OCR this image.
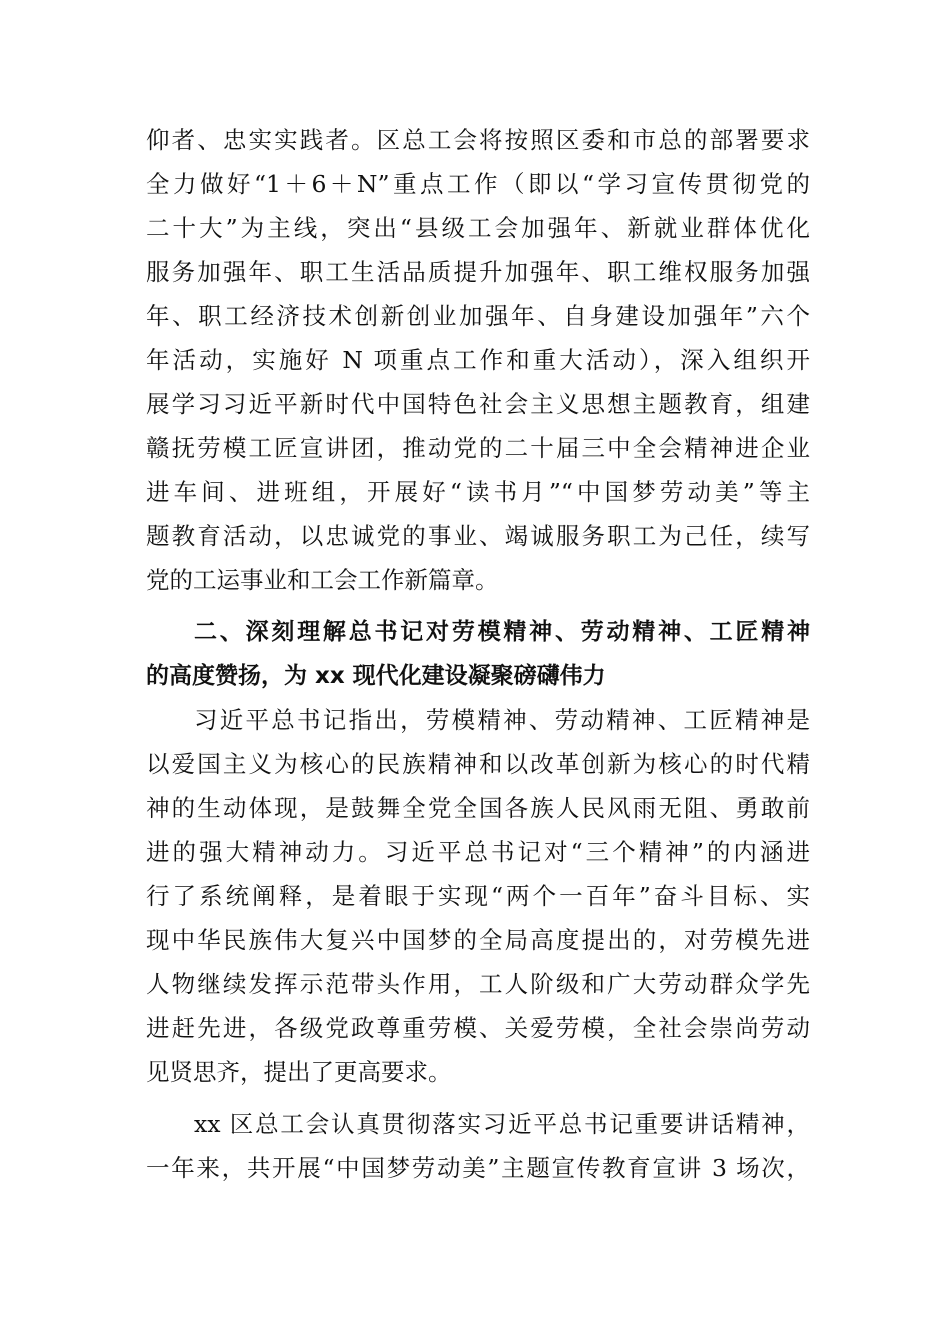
仰者、忠实实践者。区总工会将按照区委和市总的部署要求
全力做好“1＋6＋N”重点工作（即以“学习宣传贯彻党的
二十大”为主线，突出“县级工会加强年、新就业群体优化
服务加强年、职工生活品质提升加强年、职工维权服务加强
年、职工经济技术创新创业加强年、自身建设加强年”六个
年活动，实施好 N 项重点工作和重大活动），深入组织开
展学习习近平新时代中国特色社会主义思想主题教育，组建
赣抚劳模工匠宣讲团，推动党的二十届三中全会精神进企业
进车间、进班组，开展好“读书月”“中国梦劳动美”等主
题教育活动，以忠诚党的事业、竭诚服务职工为己任，续写
党的工运事业和工会工作新篇章。
二、深刻理解总书记对劳模精神、劳动精神、工匠精神
的高度赞扬，为 xx 现代化建设凝聚磅礴伟力
习近平总书记指出，劳模精神、劳动精神、工匠精神是
以爱国主义为核心的民族精神和以改革创新为核心的时代精
神的生动体现，是鼓舞全党全国各族人民风雨无阻、勇敢前
进的强大精神动力。习近平总书记对“三个精神”的内涵进
行了系统阐释，是着眼于实现“两个一百年”奋斗目标、实
现中华民族伟大复兴中国梦的全局高度提出的，对劳模先进
人物继续发挥示范带头作用，工人阶级和广大劳动群众学先
进赶先进，各级党政尊重劳模、关爱劳模，全社会崇尚劳动
见贤思齐，提出了更高要求。
xx 区总工会认真贯彻落实习近平总书记重要讲话精神，
一年来，共开展“中国梦劳动美”主题宣传教育宣讲 3 场次，
